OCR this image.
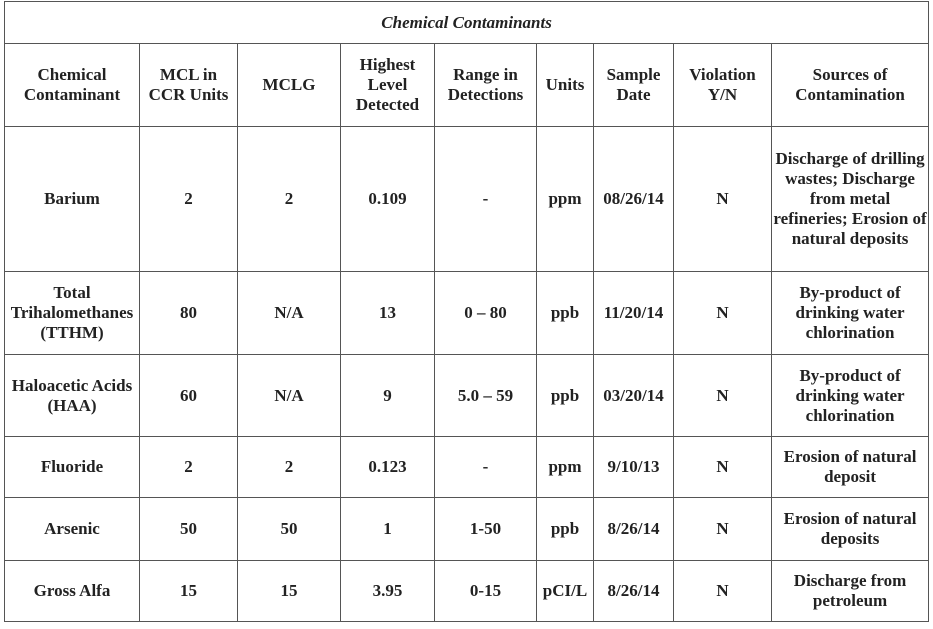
Chemical Contaminants								
Chemical Contaminant	MCL in CCR Units	MCLG	Highest Level Detected	Range in Detections	Units	Sample Date	Violation Y/N	Sources of Contamination
Barium	2	2	0.109	-	ppm	08/26/14	N	Discharge of drilling wastes; Discharge from metal refineries; Erosion of natural deposits
Total Trihalomethanes (TTHM)	80	N/A	13	0 – 80	ppb	11/20/14	N	By-product of drinking water chlorination
Haloacetic Acids (HAA)	60	N/A	9	5.0 – 59	ppb	03/20/14	N	By-product of drinking water chlorination
Fluoride	2	2	0.123	-	ppm	9/10/13	N	Erosion of natural deposit
Arsenic	50	50	1	1-50	ppb	8/26/14	N	Erosion of natural deposits
Gross Alfa	15	15	3.95	0-15	pCI/L	8/26/14	N	Discharge from petroleum
